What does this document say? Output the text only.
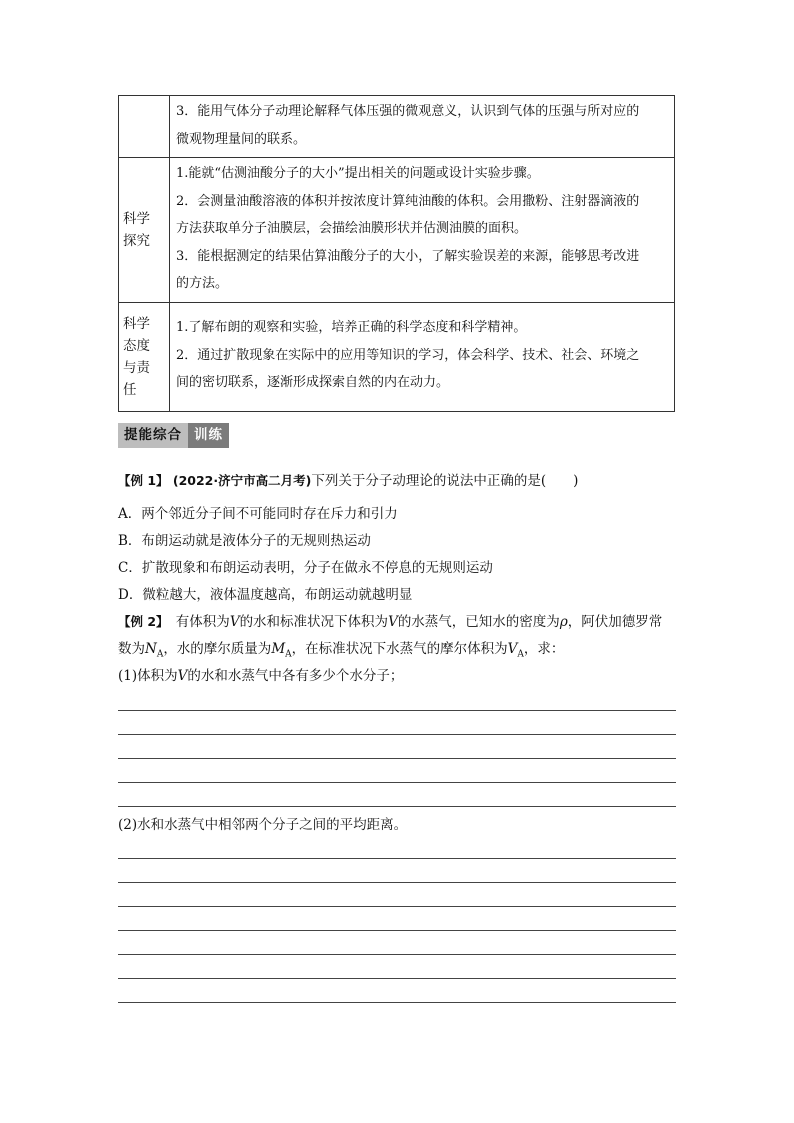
	3．能用气体分子动理论解释气体压强的微观意义，认识到气体的压强与所对应的
微观物理量间的联系。

科学
探究	1.能就“估测油酸分子的大小”提出相关的问题或设计实验步骤。
2．会测量油酸溶液的体积并按浓度计算纯油酸的体积。会用撒粉、注射器滴液的
方法获取单分子油膜层，会描绘油膜形状并估测油膜的面积。
3．能根据测定的结果估算油酸分子的大小，了解实验误差的来源，能够思考改进
的方法。

科学
态度
与责
任	1.了解布朗的观察和实验，培养正确的科学态度和科学精神。
2．通过扩散现象在实际中的应用等知识的学习，体会科学、技术、社会、环境之
间的密切联系，逐渐形成探索自然的内在动力。
提能综合 训练
【例 1】 (2022·济宁市高二月考)下列关于分子动理论的说法中正确的是(　　)
A．两个邻近分子间不可能同时存在斥力和引力
B．布朗运动就是液体分子的无规则热运动
C．扩散现象和布朗运动表明，分子在做永不停息的无规则运动
D．微粒越大，液体温度越高，布朗运动就越明显
【例 2】　有体积为V的水和标准状况下体积为V的水蒸气，已知水的密度为ρ，阿伏加德罗常
数为$N_A$，水的摩尔质量为$M_A$，在标准状况下水蒸气的摩尔体积为$V_A$，求：
(1)体积为V的水和水蒸气中各有多少个水分子；
(2)水和水蒸气中相邻两个分子之间的平均距离。
